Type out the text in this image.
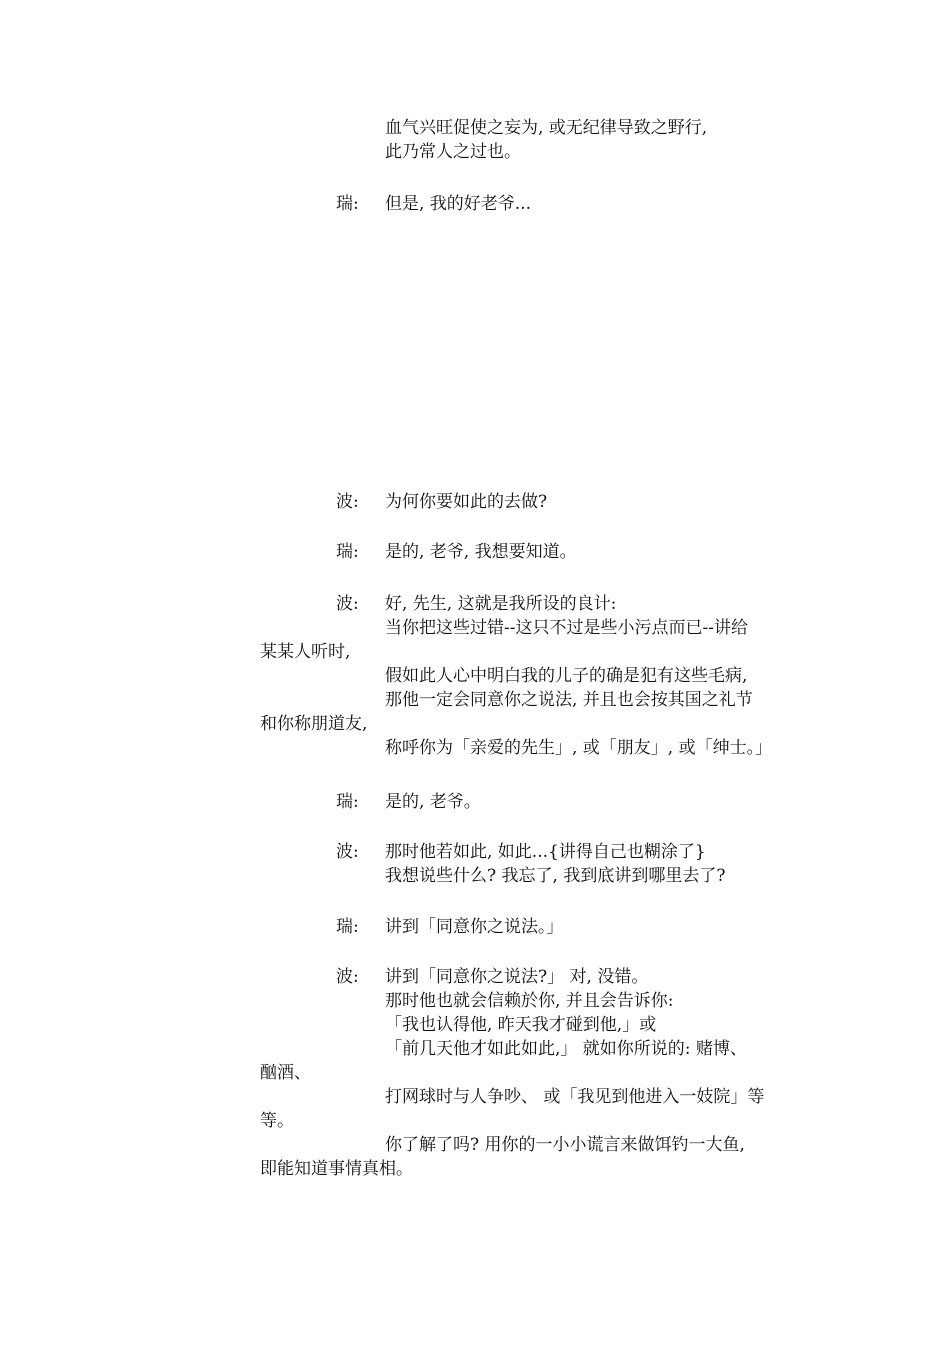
血气兴旺促使之妄为, 或无纪律导致之野行,
此乃常人之过也。
瑞: 但是, 我的好老爷...
波: 为何你要如此的去做?
瑞: 是的, 老爷, 我想要知道。
波: 好, 先生, 这就是我所设的良计:
当你把这些过错--这只不过是些小污点而已--讲给
某某人听时,
假如此人心中明白我的儿子的确是犯有这些毛病,
那他一定会同意你之说法, 并且也会按其国之礼节
和你称朋道友,
称呼你为「亲爱的先生」, 或「朋友」, 或「绅士。」
瑞: 是的, 老爷。
波: 那时他若如此, 如此...{讲得自己也糊涂了}
我想说些什么? 我忘了, 我到底讲到哪里去了?
瑞: 讲到「同意你之说法。」
波: 讲到「同意你之说法?」 对, 没错。
那时他也就会信赖於你, 并且会告诉你:
「我也认得他, 昨天我才碰到他,」或
「前几天他才如此如此,」 就如你所说的: 赌博、
酗酒、
打网球时与人争吵、 或「我见到他进入一妓院」等
等。
你了解了吗? 用你的一小小谎言来做饵钓一大鱼,
即能知道事情真相。
